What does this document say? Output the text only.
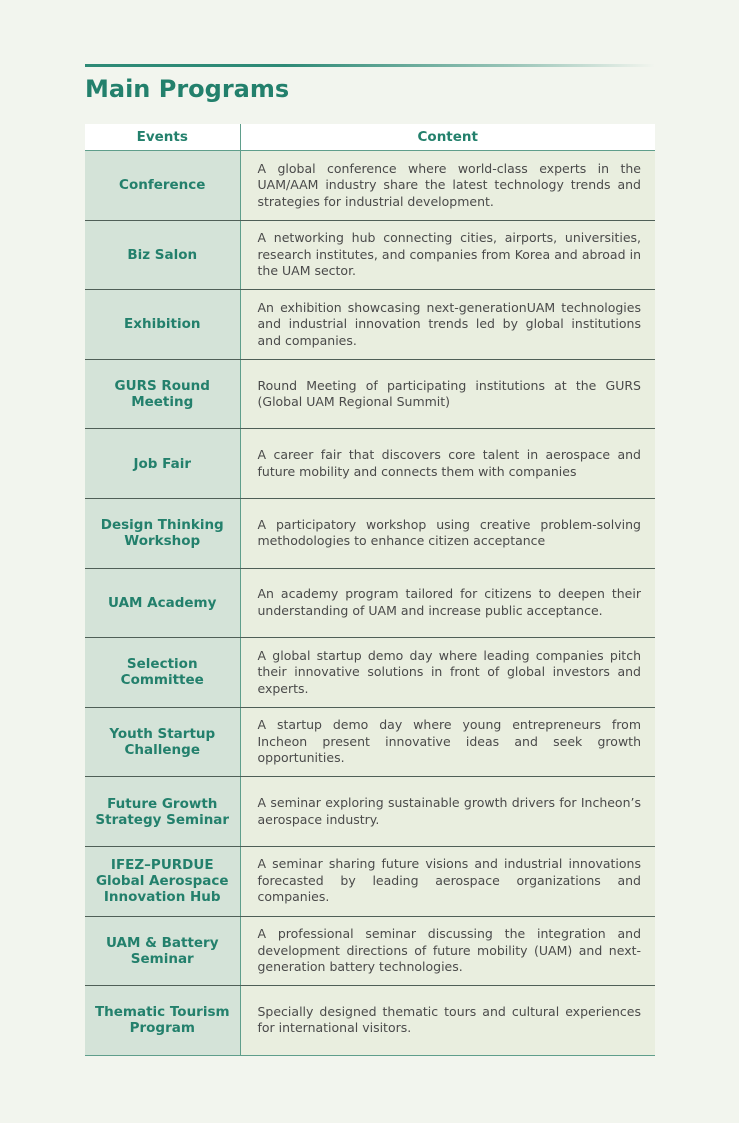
Main Programs
Events	Content
Conference	A global conference where world-class experts in the UAM/AAM industry share the latest technology trends and strategies for industrial development.
Biz Salon	A networking hub connecting cities, airports, universities, research institutes, and companies from Korea and abroad in the UAM sector.
Exhibition	An exhibition showcasing next-generationUAM technologies and industrial innovation trends led by global institutions and companies.
GURS Round Meeting	Round Meeting of participating institutions at the GURS (Global UAM Regional Summit)
Job Fair	A career fair that discovers core talent in aerospace and future mobility and connects them with companies
Design Thinking Workshop	A participatory workshop using creative problem-solving methodologies to enhance citizen acceptance
UAM Academy	An academy program tailored for citizens to deepen their understanding of UAM and increase public acceptance.
Selection Committee	A global startup demo day where leading companies pitch their innovative solutions in front of global investors and experts.
Youth Startup Challenge	A startup demo day where young entrepreneurs from Incheon present innovative ideas and seek growth opportunities.
Future Growth Strategy Seminar	A seminar exploring sustainable growth drivers for Incheon’s aerospace industry.
IFEZ–PURDUE Global Aerospace Innovation Hub	A seminar sharing future visions and industrial innovations forecasted by leading aerospace organizations and companies.
UAM & Battery Seminar	A professional seminar discussing the integration and development directions of future mobility (UAM) and next-generation battery technologies.
Thematic Tourism Program	Specially designed thematic tours and cultural experiences for international visitors.
